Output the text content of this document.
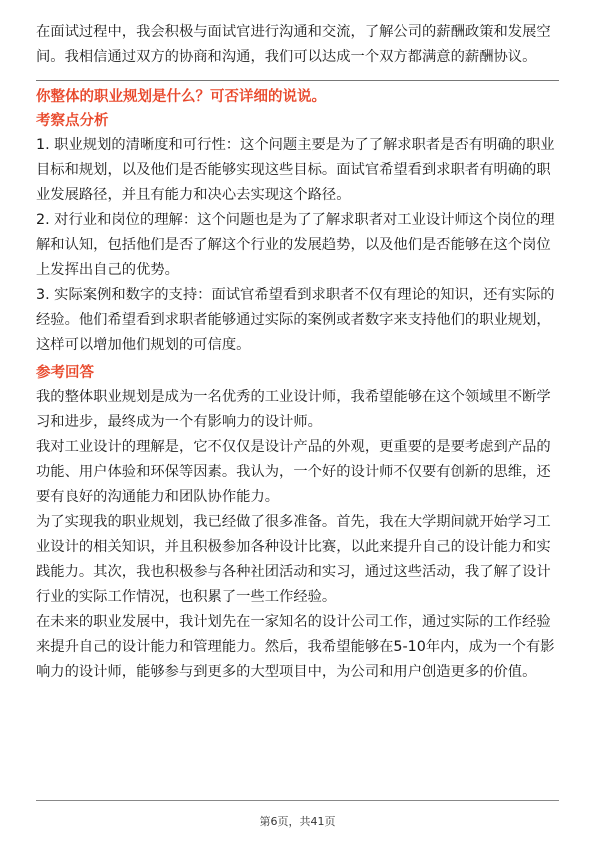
在面试过程中，我会积极与面试官进行沟通和交流，了解公司的薪酬政策和发展空间。我相信通过双方的协商和沟通，我们可以达成一个双方都满意的薪酬协议。

你整体的职业规划是什么？可否详细的说说。

考察点分析

1. 职业规划的清晰度和可行性：这个问题主要是为了了解求职者是否有明确的职业目标和规划，以及他们是否能够实现这些目标。面试官希望看到求职者有明确的职业发展路径，并且有能力和决心去实现这个路径。

2. 对行业和岗位的理解：这个问题也是为了了解求职者对工业设计师这个岗位的理解和认知，包括他们是否了解这个行业的发展趋势，以及他们是否能够在这个岗位上发挥出自己的优势。

3. 实际案例和数字的支持：面试官希望看到求职者不仅有理论的知识，还有实际的经验。他们希望看到求职者能够通过实际的案例或者数字来支持他们的职业规划，这样可以增加他们规划的可信度。

参考回答

我的整体职业规划是成为一名优秀的工业设计师，我希望能够在这个领域里不断学习和进步，最终成为一个有影响力的设计师。

我对工业设计的理解是，它不仅仅是设计产品的外观，更重要的是要考虑到产品的功能、用户体验和环保等因素。我认为，一个好的设计师不仅要有创新的思维，还要有良好的沟通能力和团队协作能力。

为了实现我的职业规划，我已经做了很多准备。首先，我在大学期间就开始学习工业设计的相关知识，并且积极参加各种设计比赛，以此来提升自己的设计能力和实践能力。其次，我也积极参与各种社团活动和实习，通过这些活动，我了解了设计行业的实际工作情况，也积累了一些工作经验。

在未来的职业发展中，我计划先在一家知名的设计公司工作，通过实际的工作经验来提升自己的设计能力和管理能力。然后，我希望能够在5-10年内，成为一个有影响力的设计师，能够参与到更多的大型项目中，为公司和用户创造更多的价值。

第6页，共41页
